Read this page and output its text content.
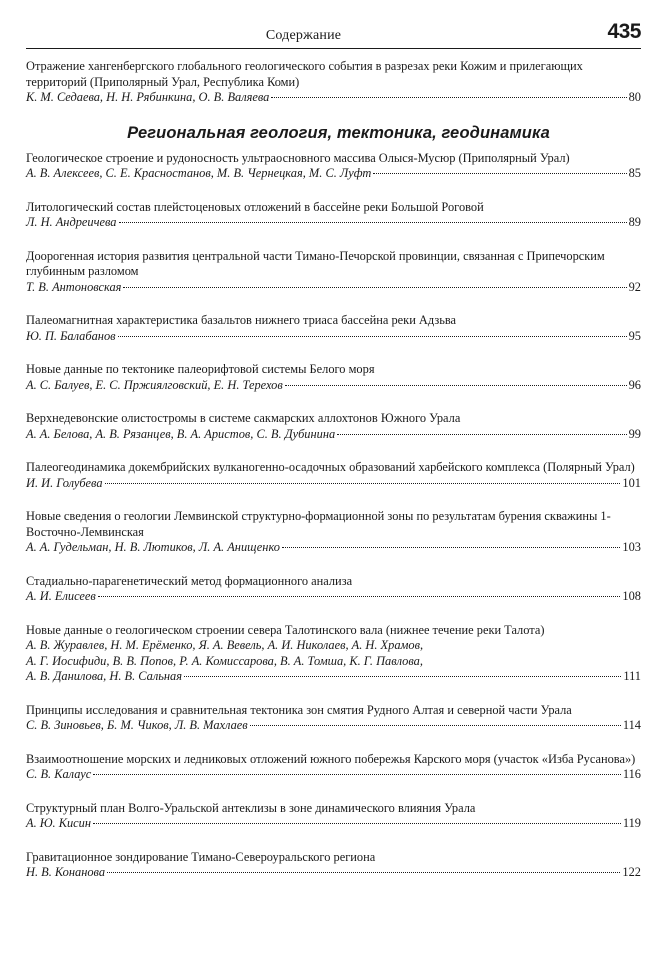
Содержание	435
Отражение хангенбергского глобального геологического события в разрезах реки Кожим и прилегающих территорий (Приполярный Урал, Республика Коми)
К. М. Седаева, Н. Н. Рябинкина, О. В. Валяева	80
Региональная геология, тектоника, геодинамика
Геологическое строение и рудоносность ультраосновного массива Олыся-Мусюр (Приполярный Урал)
А. В. Алексеев, С. Е. Красностанов, М. В. Чернецкая, М. С. Луфт	85
Литологический состав плейстоценовых отложений в бассейне реки Большой Роговой
Л. Н. Андреичева	89
Доорогенная история развития центральной части Тимано-Печорской провинции, связанная с Припечорским глубинным разломом
Т. В. Антоновская	92
Палеомагнитная характеристика базальтов нижнего триаса бассейна реки Адзьва
Ю. П. Балабанов	95
Новые данные по тектонике палеорифтовой системы Белого моря
А. С. Балуев, Е. С. Пржиялговский, Е. Н. Терехов	96
Верхнедевонские олистостромы в системе сакмарских аллохтонов Южного Урала
А. А. Белова, А. В. Рязанцев, В. А. Аристов, С. В. Дубинина	99
Палеогеодинамика докембрийских вулканогенно-осадочных образований харбейского комплекса (Полярный Урал)
И. И. Голубева	101
Новые сведения о геологии Лемвинской структурно-формационной зоны по результатам бурения скважины 1-Восточно-Лемвинская
А. А. Гудельман, Н. В. Лютиков, Л. А. Анищенко	103
Стадиально-парагенетический метод формационного анализа
А. И. Елисеев	108
Новые данные о геологическом строении севера Талотинского вала (нижнее течение реки Талота)
А. В. Журавлев, Н. М. Ерёменко, Я. А. Вевель, А. И. Николаев, А. Н. Храмов,
А. Г. Иосифиди, В. В. Попов, Р. А. Комиссарова, В. А. Томша, К. Г. Павлова,
А. В. Данилова, Н. В. Сальная	111
Принципы исследования и сравнительная тектоника зон смятия Рудного Алтая и северной части Урала
С. В. Зиновьев, Б. М. Чиков, Л. В. Махлаев	114
Взаимоотношение морских и ледниковых отложений южного побережья Карского моря (участок «Изба Русанова»)
С. В. Калаус	116
Структурный план Волго-Уральской антеклизы в зоне динамического влияния Урала
А. Ю. Кисин	119
Гравитационное зондирование Тимано-Североуральского региона
Н. В. Конанова	122
